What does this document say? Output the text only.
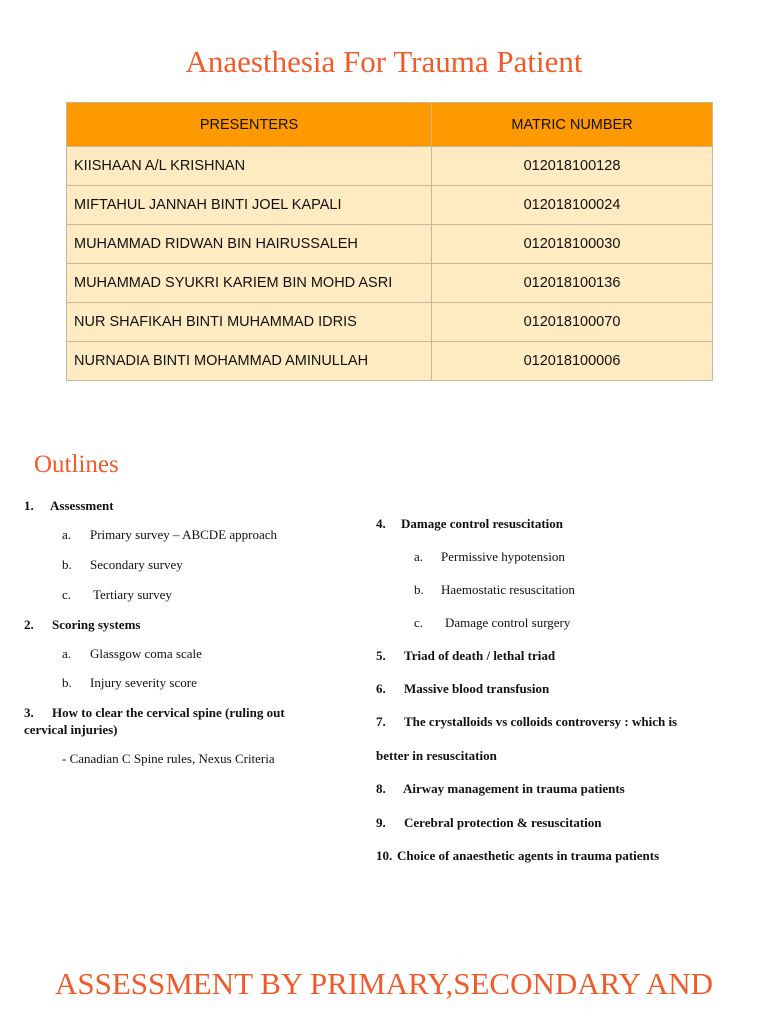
Anaesthesia For Trauma Patient
PRESENTERS	MATRIC NUMBER
KIISHAAN A/L KRISHNAN	012018100128
MIFTAHUL JANNAH BINTI JOEL KAPALI	012018100024
MUHAMMAD RIDWAN BIN HAIRUSSALEH	012018100030
MUHAMMAD SYUKRI KARIEM BIN MOHD ASRI	012018100136
NUR SHAFIKAH BINTI MUHAMMAD IDRIS	012018100070
NURNADIA BINTI MOHAMMAD AMINULLAH	012018100006
Outlines
1. Assessment
a. Primary survey – ABCDE approach
b. Secondary survey
c. Tertiary survey
2. Scoring systems
a. Glassgow coma scale
b. Injury severity score
3. How to clear the cervical spine (ruling out
cervical injuries)
- Canadian C Spine rules, Nexus Criteria
4. Damage control resuscitation
a. Permissive hypotension
b. Haemostatic resuscitation
c. Damage control surgery
5. Triad of death / lethal triad
6. Massive blood transfusion
7. The crystalloids vs colloids controversy : which is
better in resuscitation
8. Airway management in trauma patients
9. Cerebral protection & resuscitation
10. Choice of anaesthetic agents in trauma patients
ASSESSMENT BY PRIMARY,SECONDARY AND
